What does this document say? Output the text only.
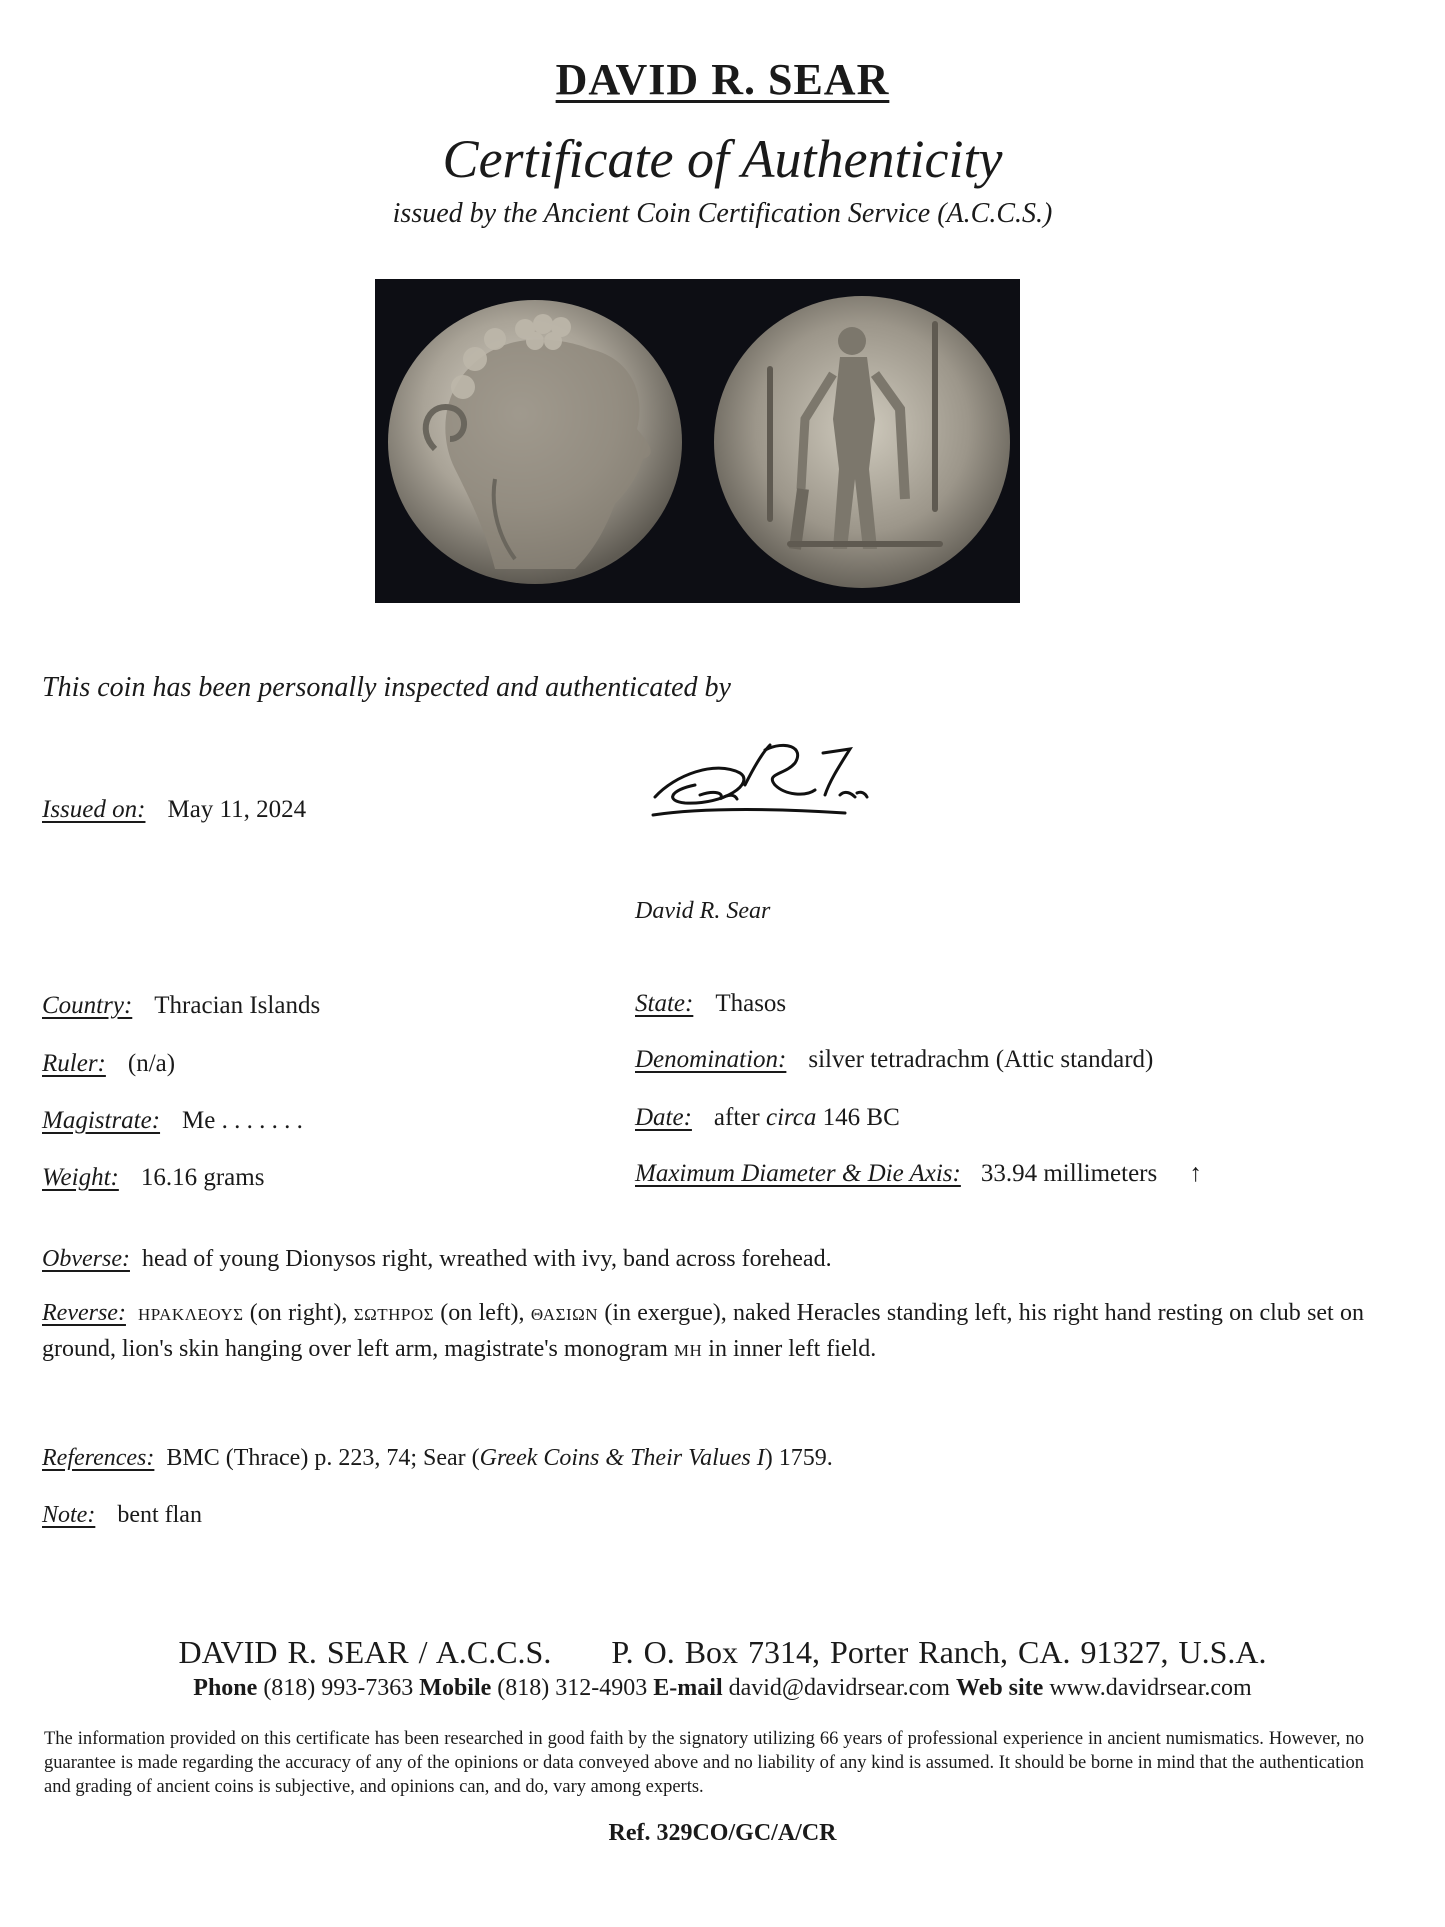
DAVID R. SEAR
Certificate of Authenticity
issued by the Ancient Coin Certification Service (A.C.C.S.)
This coin has been personally inspected and authenticated by
Issued on: May 11, 2024
David R. Sear
Country: Thracian Islands
Ruler: (n/a)
Magistrate: Me . . . . . . .
Weight: 16.16 grams
State: Thasos
Denomination: silver tetradrachm (Attic standard)
Date: after circa 146 BC
Maximum Diameter & Die Axis: 33.94 millimeters ↑
Obverse: head of young Dionysos right, wreathed with ivy, band across forehead.
Reverse: ΗΡΑΚΛΕΟΥΣ (on right), ΣΩΤΗΡΟΣ (on left), ΘΑΣΙΩΝ (in exergue), naked Heracles standing left, his right hand resting on club set on ground, lion's skin hanging over left arm, magistrate's monogram ΜΗ in inner left field.
References: BMC (Thrace) p. 223, 74; Sear (Greek Coins & Their Values I) 1759.
Note: bent flan
DAVID R. SEAR / A.C.C.S. P. O. Box 7314, Porter Ranch, CA. 91327, U.S.A.
Phone (818) 993-7363 Mobile (818) 312-4903 E-mail david@davidrsear.com Web site www.davidrsear.com
The information provided on this certificate has been researched in good faith by the signatory utilizing 66 years of professional experience in ancient numismatics. However, no guarantee is made regarding the accuracy of any of the opinions or data conveyed above and no liability of any kind is assumed. It should be borne in mind that the authentication and grading of ancient coins is subjective, and opinions can, and do, vary among experts.
Ref. 329CO/GC/A/CR
